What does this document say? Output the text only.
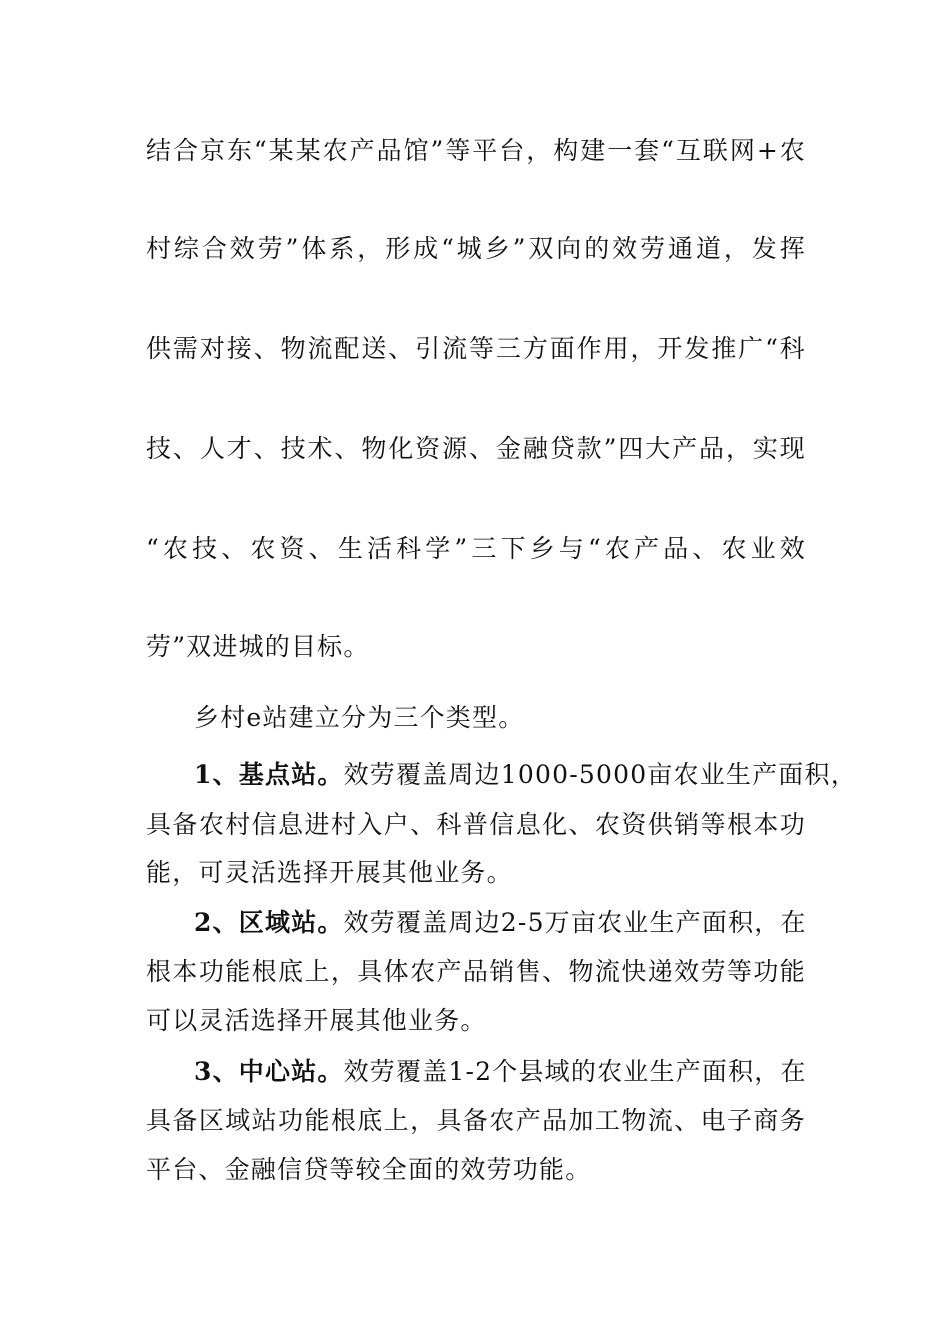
结合京东“某某农产品馆”等平台，构建一套“互联网+农
村综合效劳”体系，形成“城乡”双向的效劳通道，发挥
供需对接、物流配送、引流等三方面作用，开发推广“科
技、人才、技术、物化资源、金融贷款”四大产品，实现
“农技、农资、生活科学”三下乡与“农产品、农业效
劳”双进城的目标。
乡村e站建立分为三个类型。
1、基点站。效劳覆盖周边1000-5000亩农业生产面积，
具备农村信息进村入户、科普信息化、农资供销等根本功
能，可灵活选择开展其他业务。
2、区域站。效劳覆盖周边2-5万亩农业生产面积，在
根本功能根底上，具体农产品销售、物流快递效劳等功能
可以灵活选择开展其他业务。
3、中心站。效劳覆盖1-2个县域的农业生产面积，在
具备区域站功能根底上，具备农产品加工物流、电子商务
平台、金融信贷等较全面的效劳功能。
